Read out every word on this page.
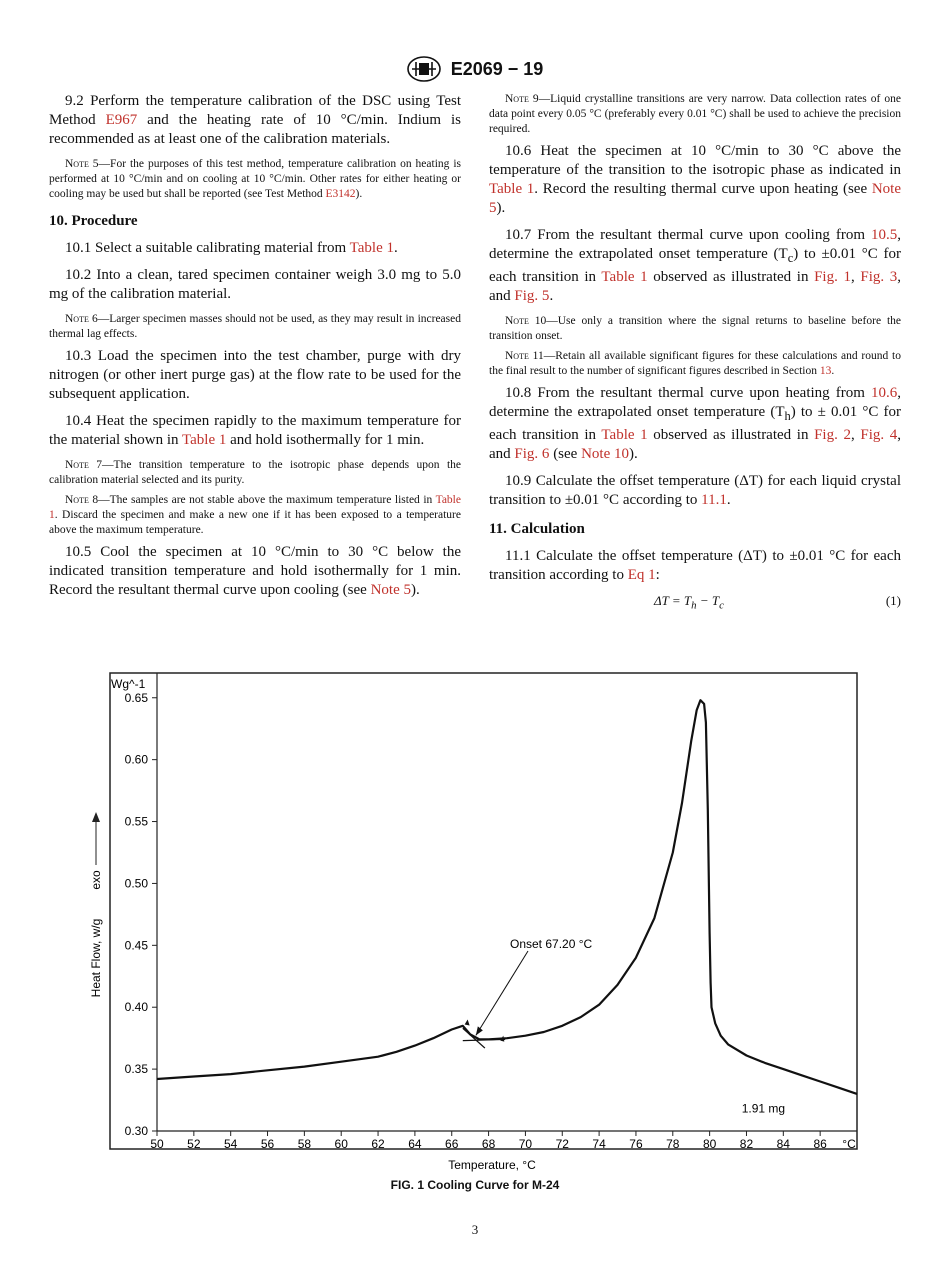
E2069 − 19

9.2 Perform the temperature calibration of the DSC using Test Method E967 and the heating rate of 10 °C/min. Indium is recommended as at least one of the calibration materials.

Note 5—For the purposes of this test method, temperature calibration on heating is performed at 10 °C/min and on cooling at 10 °C/min. Other rates for either heating or cooling may be used but shall be reported (see Test Method E3142).

10. Procedure

10.1 Select a suitable calibrating material from Table 1.

10.2 Into a clean, tared specimen container weigh 3.0 mg to 5.0 mg of the calibration material.

Note 6—Larger specimen masses should not be used, as they may result in increased thermal lag effects.

10.3 Load the specimen into the test chamber, purge with dry nitrogen (or other inert purge gas) at the flow rate to be used for the subsequent application.

10.4 Heat the specimen rapidly to the maximum temperature for the material shown in Table 1 and hold isothermally for 1 min.

Note 7—The transition temperature to the isotropic phase depends upon the calibration material selected and its purity.

Note 8—The samples are not stable above the maximum temperature listed in Table 1. Discard the specimen and make a new one if it has been exposed to a temperature above the maximum temperature.

10.5 Cool the specimen at 10 °C/min to 30 °C below the indicated transition temperature and hold isothermally for 1 min. Record the resultant thermal curve upon cooling (see Note 5).

Note 9—Liquid crystalline transitions are very narrow. Data collection rates of one data point every 0.05 °C (preferably every 0.01 °C) shall be used to achieve the precision required.

10.6 Heat the specimen at 10 °C/min to 30 °C above the temperature of the transition to the isotropic phase as indicated in Table 1. Record the resulting thermal curve upon heating (see Note 5).

10.7 From the resultant thermal curve upon cooling from 10.5, determine the extrapolated onset temperature $(T_c)$ to ±0.01 °C for each transition in Table 1 observed as illustrated in Fig. 1, Fig. 3, and Fig. 5.

Note 10—Use only a transition where the signal returns to baseline before the transition onset.

Note 11—Retain all available significant figures for these calculations and round to the final result to the number of significant figures described in Section 13.

10.8 From the resultant thermal curve upon heating from 10.6, determine the extrapolated onset temperature $(T_h)$ to ± 0.01 °C for each transition in Table 1 observed as illustrated in Fig. 2, Fig. 4, and Fig. 6 (see Note 10).

10.9 Calculate the offset temperature (ΔT) for each liquid crystal transition to ±0.01 °C according to 11.1.

11. Calculation

11.1 Calculate the offset temperature (ΔT) to ±0.01 °C for each transition according to Eq 1:

$\Delta T = T_h - T_c$	(1)
Wg^-1
0.30
0.35
0.40
0.45
0.50
0.55
0.60
0.65
50 52 54 56 58 60 62 64 66 68 70 72 74 76 78 80 82 84 86 °C
Temperature, °C
Heat Flow, w/g
exo
Onset 67.20 °C
1.91 mg
FIG. 1 Cooling Curve for M-24
3
